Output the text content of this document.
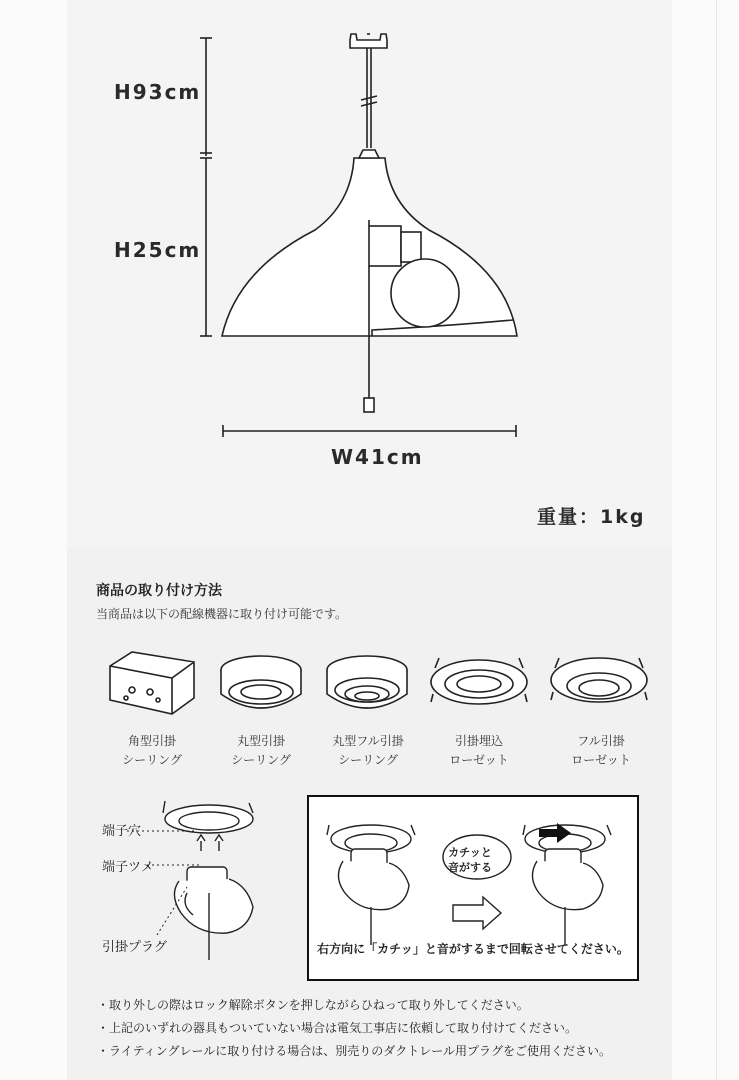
H93cm
H25cm
W41cm
重量：1kg
商品の取り付け方法
当商品は以下の配線機器に取り付け可能です。
角型引掛
シーリング
丸型引掛
シーリング
丸型フル引掛
シーリング
引掛埋込
ローゼット
フル引掛
ローゼット
端子穴
端子ツメ
引掛プラグ
カチッと
音がする
右方向に「カチッ」と音がするまで回転させてください。
・取り外しの際はロック解除ボタンを押しながらひねって取り外してください。
・上記のいずれの器具もついていない場合は電気工事店に依頼して取り付けてください。
・ライティングレールに取り付ける場合は、別売りのダクトレール用プラグをご使用ください。
